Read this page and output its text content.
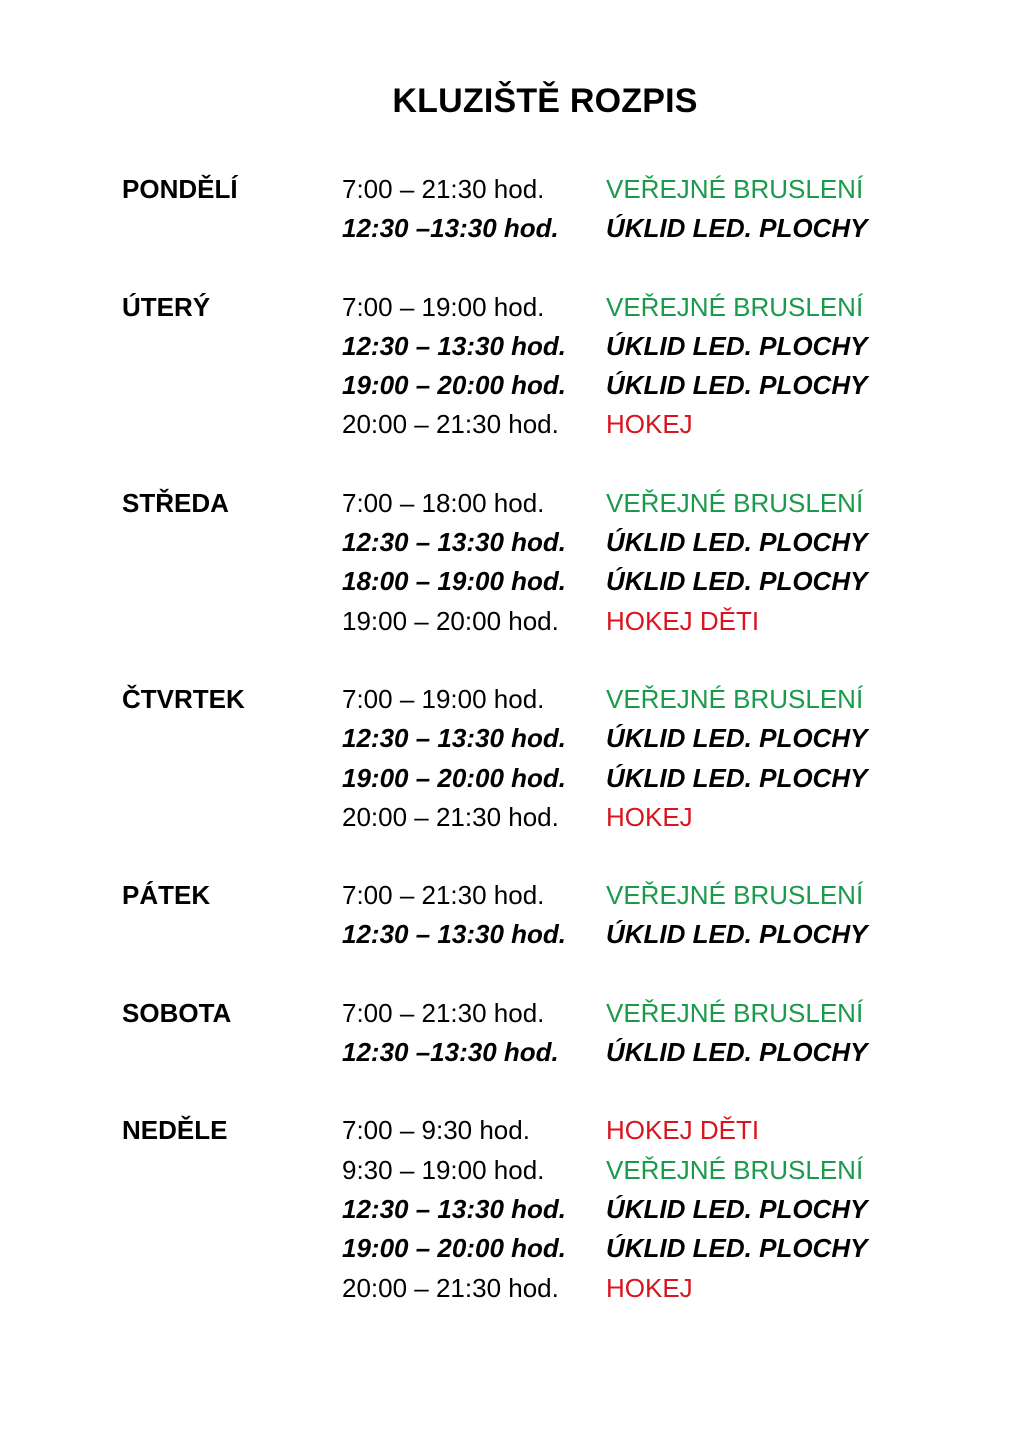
KLUZIŠTĚ ROZPIS
PONDĚLÍ	7:00 – 21:30 hod.	VEŘEJNÉ BRUSLENÍ
12:30 –13:30 hod.	ÚKLID LED. PLOCHY
ÚTERÝ	7:00 – 19:00 hod.	VEŘEJNÉ BRUSLENÍ
12:30 – 13:30 hod.	ÚKLID LED. PLOCHY
19:00 – 20:00 hod.	ÚKLID LED. PLOCHY
20:00 – 21:30 hod.	HOKEJ
STŘEDA	7:00 – 18:00 hod.	VEŘEJNÉ BRUSLENÍ
12:30 – 13:30 hod.	ÚKLID LED. PLOCHY
18:00 – 19:00 hod.	ÚKLID LED. PLOCHY
19:00 – 20:00 hod.	HOKEJ DĚTI
ČTVRTEK	7:00 – 19:00 hod.	VEŘEJNÉ BRUSLENÍ
12:30 – 13:30 hod.	ÚKLID LED. PLOCHY
19:00 – 20:00 hod.	ÚKLID LED. PLOCHY
20:00 – 21:30 hod.	HOKEJ
PÁTEK	7:00 – 21:30 hod.	VEŘEJNÉ BRUSLENÍ
12:30 – 13:30 hod.	ÚKLID LED. PLOCHY
SOBOTA	7:00 – 21:30 hod.	VEŘEJNÉ BRUSLENÍ
12:30 –13:30 hod.	ÚKLID LED. PLOCHY
NEDĚLE	7:00 – 9:30 hod.	HOKEJ DĚTI
9:30 – 19:00 hod.	VEŘEJNÉ BRUSLENÍ
12:30 – 13:30 hod.	ÚKLID LED. PLOCHY
19:00 – 20:00 hod.	ÚKLID LED. PLOCHY
20:00 – 21:30 hod.	HOKEJ
